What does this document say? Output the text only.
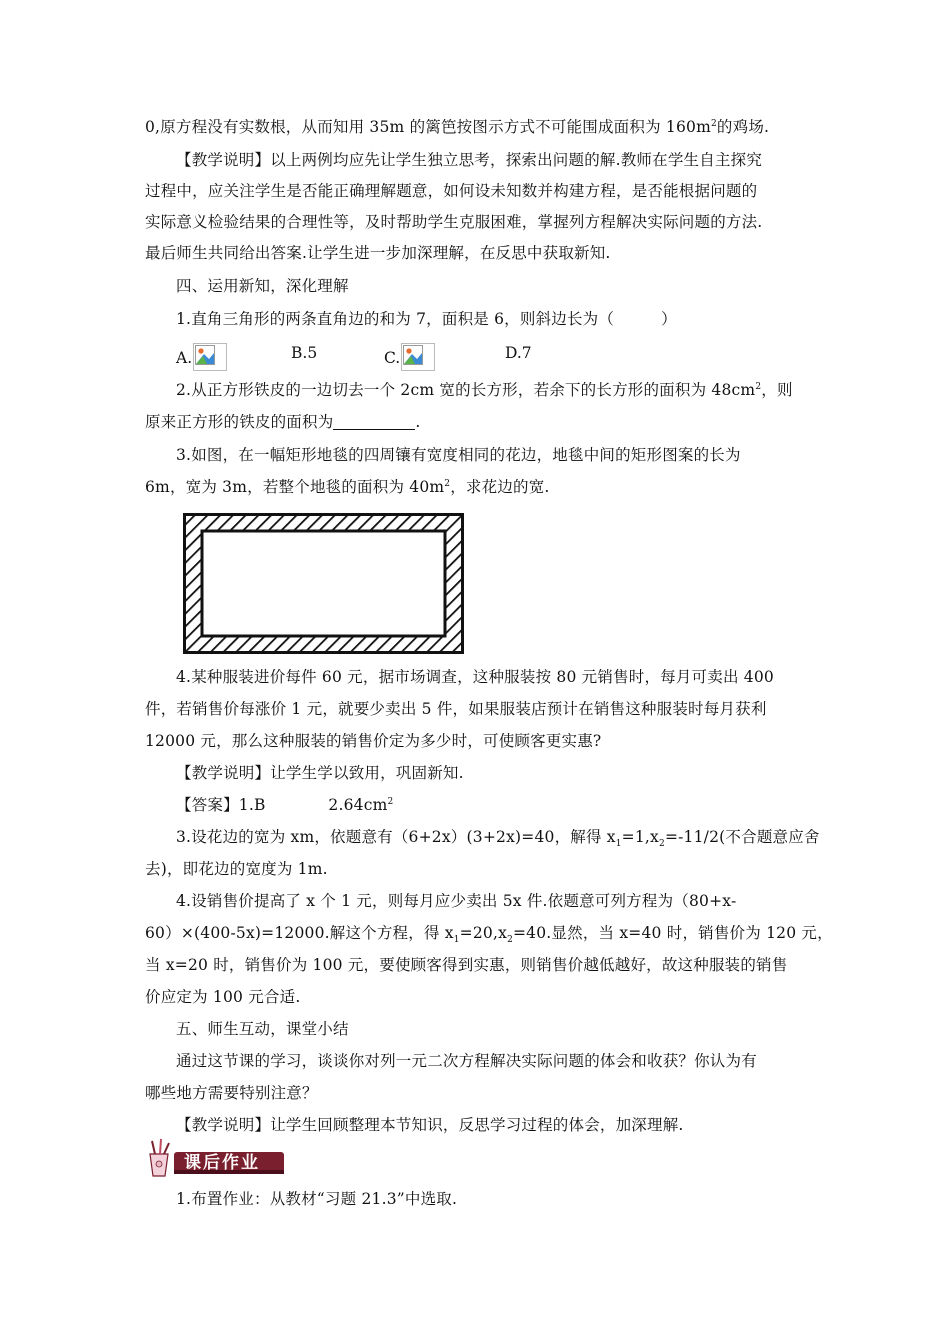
0,原方程没有实数根，从而知用 35m 的篱笆按图示方式不可能围成面积为 $160m^2$的鸡场.
【教学说明】以上两例均应先让学生独立思考，探索出问题的解.教师在学生自主探究
过程中，应关注学生是否能正确理解题意，如何设未知数并构建方程，是否能根据问题的
实际意义检验结果的合理性等，及时帮助学生克服困难，掌握列方程解决实际问题的方法.
最后师生共同给出答案.让学生进一步加深理解，在反思中获取新知.
四、运用新知，深化理解
1.直角三角形的两条直角边的和为 7，面积是 6，则斜边长为（　　　）
A.	B.5	C.	D.7
2.从正方形铁皮的一边切去一个 2cm 宽的长方形，若余下的长方形的面积为 $48cm^2$，则
原来正方形的铁皮的面积为	.
3.如图，在一幅矩形地毯的四周镶有宽度相同的花边，地毯中间的矩形图案的长为
6m，宽为 3m，若整个地毯的面积为 $40m^2$，求花边的宽.
4.某种服装进价每件 60 元，据市场调查，这种服装按 80 元销售时，每月可卖出 400
件，若销售价每涨价 1 元，就要少卖出 5 件，如果服装店预计在销售这种服装时每月获利
12000 元，那么这种服装的销售价定为多少时，可使顾客更实惠?
【教学说明】让学生学以致用，巩固新知.
【答案】1.B　　　　$2.64cm^2$
3.设花边的宽为 xm，依题意有（6+2x）(3+2x)=40，解得 $x_1=1,x_2=-11/2$(不合题意应舍
去)，即花边的宽度为 1m.
4.设销售价提高了 x 个 1 元，则每月应少卖出 5x 件.依题意可列方程为（80+x-
60）×(400-5x)=12000.解这个方程，得 $x_1=20,x_2=40$.显然，当 x=40 时，销售价为 120 元，
当 x=20 时，销售价为 100 元，要使顾客得到实惠，则销售价越低越好，故这种服装的销售
价应定为 100 元合适.
五、师生互动，课堂小结
通过这节课的学习，谈谈你对列一元二次方程解决实际问题的体会和收获？你认为有
哪些地方需要特别注意？
【教学说明】让学生回顾整理本节知识，反思学习过程的体会，加深理解.
课后作业
1.布置作业：从教材“习题 21.3”中选取.
